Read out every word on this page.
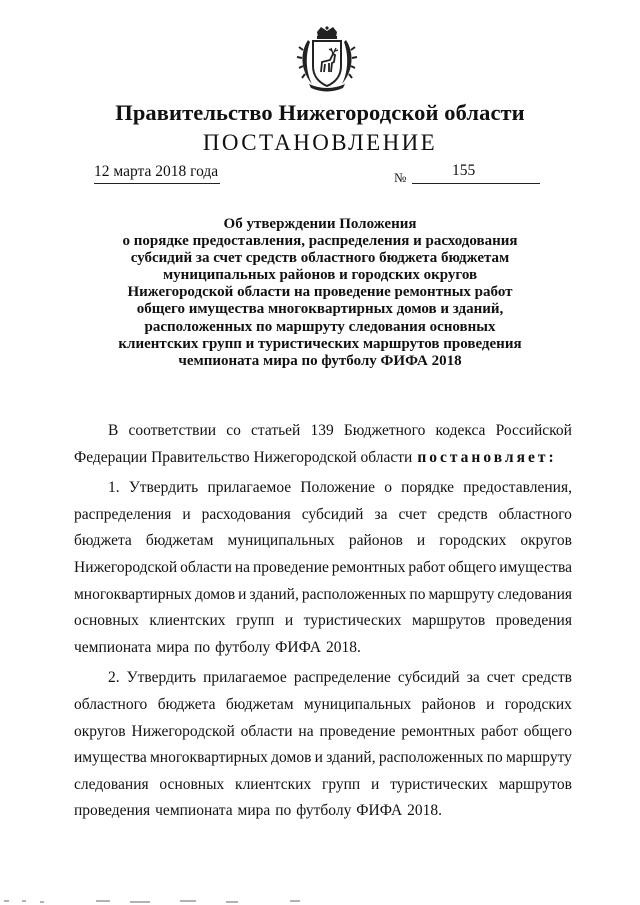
Правительство Нижегородской области
ПОСТАНОВЛЕНИЕ
12 марта 2018 года	№	155
Об утверждении Положения
о порядке предоставления, распределения и расходования
субсидий за счет средств областного бюджета бюджетам
муниципальных районов и городских округов
Нижегородской области на проведение ремонтных работ
общего имущества многоквартирных домов и зданий,
расположенных по маршруту следования основных
клиентских групп и туристических маршрутов проведения
чемпионата мира по футболу ФИФА 2018

В соответствии со статьей 139 Бюджетного кодекса Российской
Федерации Правительство Нижегородской области постановляет:

1. Утвердить прилагаемое Положение о порядке предоставления,
распределения и расходования субсидий за счет средств областного
бюджета бюджетам муниципальных районов и городских округов
Нижегородской области на проведение ремонтных работ общего имущества
многоквартирных домов и зданий, расположенных по маршруту следования
основных клиентских групп и туристических маршрутов проведения
чемпионата мира по футболу ФИФА 2018.

2. Утвердить прилагаемое распределение субсидий за счет средств
областного бюджета бюджетам муниципальных районов и городских
округов Нижегородской области на проведение ремонтных работ общего
имущества многоквартирных домов и зданий, расположенных по маршруту
следования основных клиентских групп и туристических маршрутов
проведения чемпионата мира по футболу ФИФА 2018.
